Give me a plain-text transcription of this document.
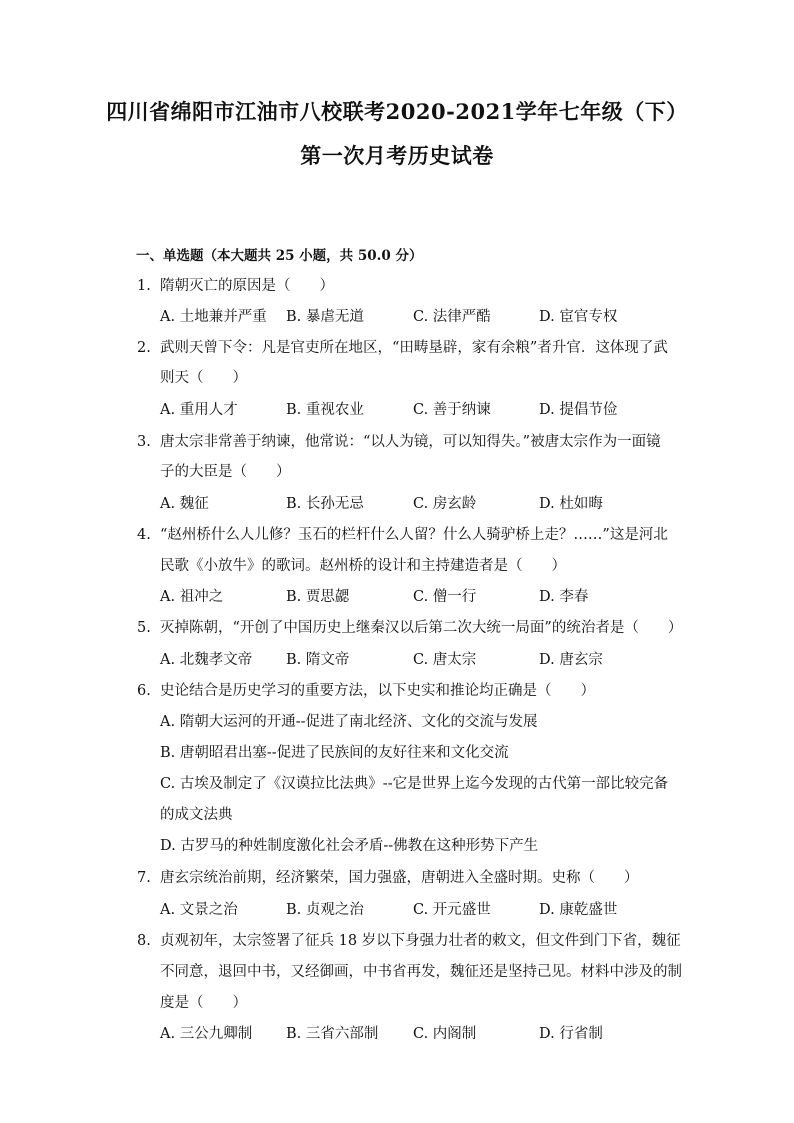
四川省绵阳市江油市八校联考2020-2021学年七年级（下）
第一次月考历史试卷
一、单选题（本大题共 25 小题，共 50.0 分）
1. 隋朝灭亡的原因是（　　）
A. 土地兼并严重 B. 暴虐无道	C. 法律严酷	D. 宦官专权
2. 武则天曾下令：凡是官吏所在地区，“田畴垦辟，家有余粮”者升官．这体现了武
则天（　　）
A. 重用人才	B. 重视农业	C. 善于纳谏	D. 提倡节俭
3. 唐太宗非常善于纳谏，他常说：“以人为镜，可以知得失。”被唐太宗作为一面镜
子的大臣是（　　）
A. 魏征	B. 长孙无忌	C. 房玄龄	D. 杜如晦
4. “赵州桥什么人儿修？玉石的栏杆什么人留？什么人骑驴桥上走？……”这是河北
民歌《小放牛》的歌词。赵州桥的设计和主持建造者是（　　）
A. 祖冲之	B. 贾思勰	C. 僧一行	D. 李春
5. 灭掉陈朝，“开创了中国历史上继秦汉以后第二次大统一局面”的统治者是（　　）
A. 北魏孝文帝 B. 隋文帝	C. 唐太宗	D. 唐玄宗
6. 史论结合是历史学习的重要方法，以下史实和推论均正确是（　　）
A. 隋朝大运河的开通--促进了南北经济、文化的交流与发展
B. 唐朝昭君出塞--促进了民族间的友好往来和文化交流
C. 古埃及制定了《汉谟拉比法典》--它是世界上迄今发现的古代第一部比较完备
的成文法典
D. 古罗马的种姓制度激化社会矛盾--佛教在这种形势下产生
7. 唐玄宗统治前期，经济繁荣，国力强盛，唐朝进入全盛时期。史称（　　）
A. 文景之治	B. 贞观之治	C. 开元盛世	D. 康乾盛世
8. 贞观初年，太宗签署了征兵 18 岁以下身强力壮者的敕文，但文件到门下省，魏征
不同意，退回中书，又经御画，中书省再发，魏征还是坚持己见。材料中涉及的制
度是（　　）
A. 三公九卿制 B. 三省六部制 C. 内阁制	D. 行省制
